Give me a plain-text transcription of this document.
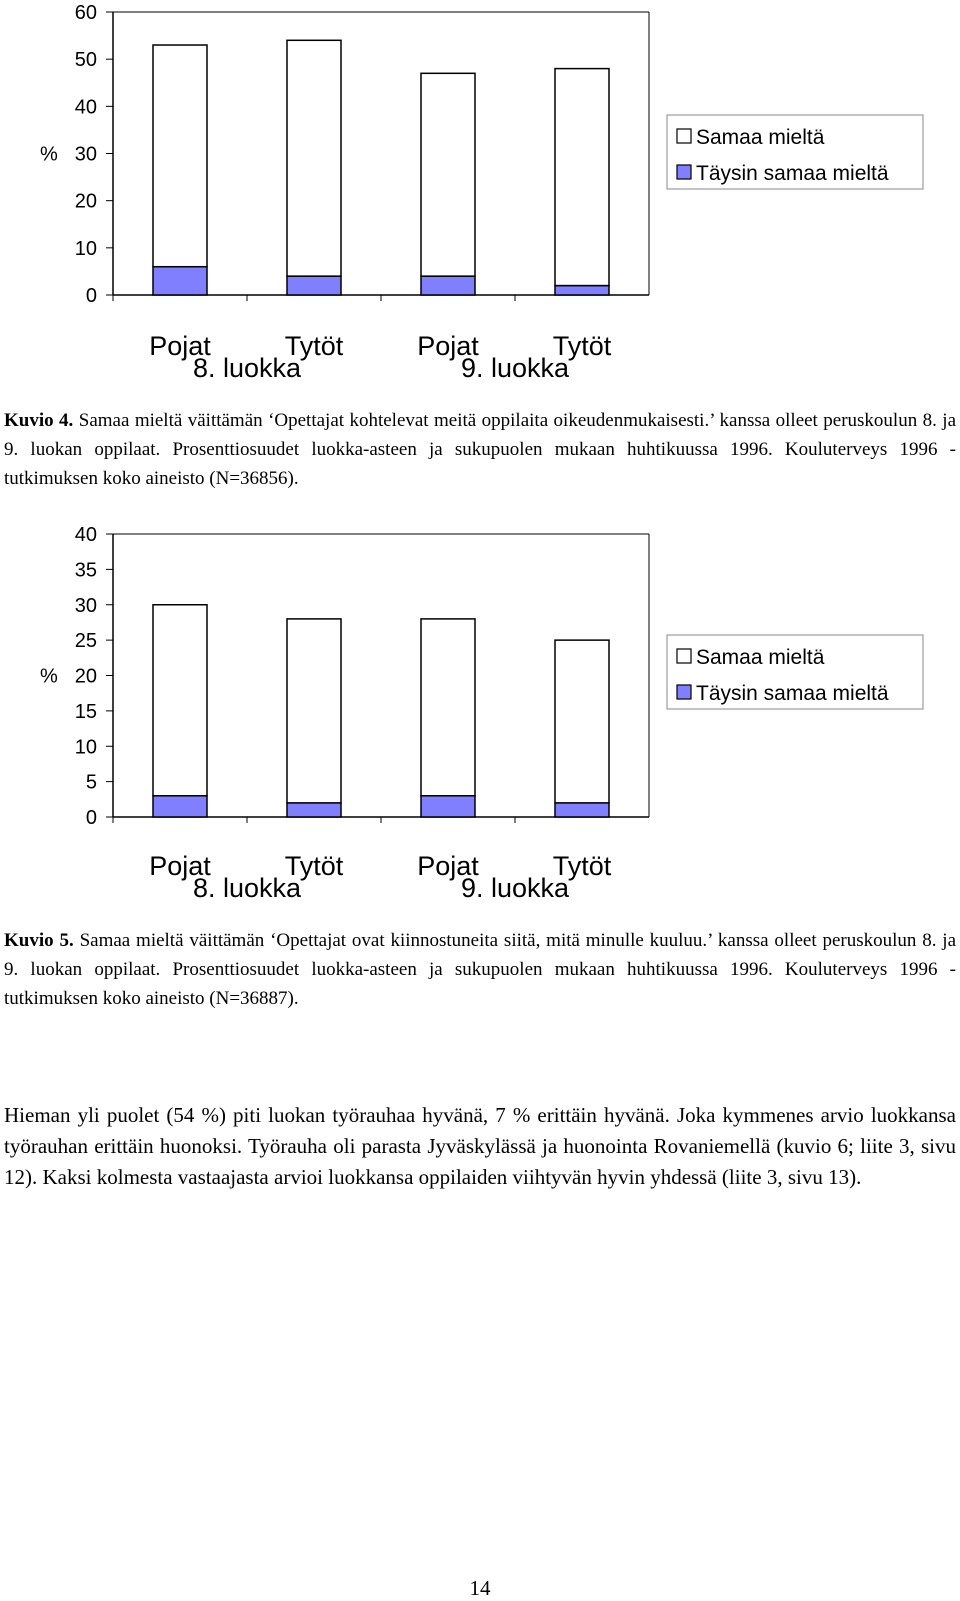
0
10
20
30
40
50
60
%
Pojat	Tytöt	Pojat	Tytöt
8. luokka	9. luokka
Samaa mieltä
Täysin samaa mieltä

Kuvio 4. Samaa mieltä väittämän ‘Opettajat kohtelevat meitä oppilaita oikeudenmukaisesti.’ kanssa olleet peruskoulun 8. ja 9. luokan oppilaat. Prosenttiosuudet luokka-asteen ja sukupuolen mukaan huhtikuussa 1996. Kouluterveys 1996 -tutkimuksen koko aineisto (N=36856).

0
5
10
15
20
25
30
35
40
%
Pojat	Tytöt	Pojat	Tytöt
8. luokka	9. luokka
Samaa mieltä
Täysin samaa mieltä

Kuvio 5. Samaa mieltä väittämän ‘Opettajat ovat kiinnostuneita siitä, mitä minulle kuuluu.’ kanssa olleet peruskoulun 8. ja 9. luokan oppilaat. Prosenttiosuudet luokka-asteen ja sukupuolen mukaan huhtikuussa 1996. Kouluterveys 1996 -tutkimuksen koko aineisto (N=36887).

Hieman yli puolet (54 %) piti luokan työrauhaa hyvänä, 7 % erittäin hyvänä. Joka kymmenes arvio luokkansa työrauhan erittäin huonoksi. Työrauha oli parasta Jyväskylässä ja huonointa Rovaniemellä (kuvio 6; liite 3, sivu 12). Kaksi kolmesta vastaajasta arvioi luokkansa oppilaiden viihtyvän hyvin yhdessä (liite 3, sivu 13).

14
